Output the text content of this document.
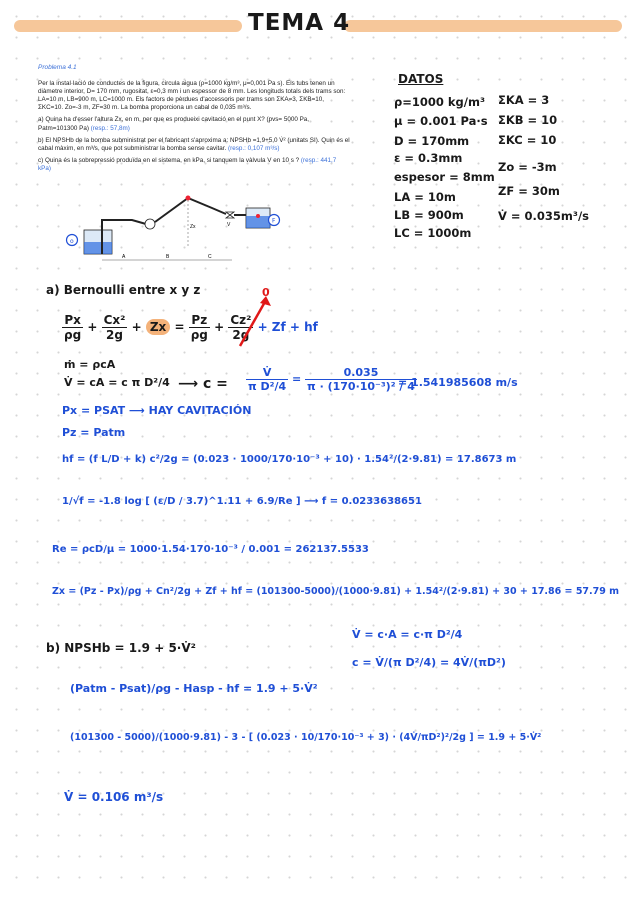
TEMA 4

Problema 4.1

Per la instal·lació de conductes de la figura, circula aigua (ρ=1000 kg/m³, μ=0,001 Pa s). Els tubs tenen un diàmetre interior, D= 170 mm, rugositat, ε=0,3 mm i un espessor de 8 mm. Les longituds totals dels trams son: LA=10 m, LB=900 m, LC=1000 m. Els factors de pèrdues d'accessoris per trams son ΣKA=3, ΣKB=10, ΣKC=10. Zo=-3 m, ZF=30 m. La bomba proporciona un cabal de 0,035 m³/s.

a) Quina ha d'esser l'altura Zx, en m, per que es produeixi cavitació en el punt X? (pvs= 5000 Pa, Patm=101300 Pa) (resp.: 57,8m)

b) El NPSHb de la bomba subministrat per el fabricant s'aproxima a: NPSHb =1,9+5,0 V̇² (unitats SI). Quin és el cabal màxim, en m³/s, que pot subministrar la bomba sense cavitar. (resp.: 0,107 m³/s)

c) Quina és la sobrepressió produïda en el sistema, en kPa, si tanquem la vàlvula V en 10 s ? (resp.: 441,7 kPa)

Zx	V
F
o
A	B	C
DATOS
ρ=1000 kg/m³
μ = 0.001 Pa·s
D = 170mm
ε = 0.3mm
espesor = 8mm
LA = 10m
LB = 900m
LC = 1000m
ΣKA = 3
ΣKB = 10
ΣKC = 10
Zo = -3m
ZF = 30m
V̇ = 0.035m³/s
a) Bernoulli entre x y z
$\frac{Px}{\rho g} + \frac{\text{Cx²}}{2g} + Zx = \frac{Pz}{\rho g} + \frac{\text{Cz²}}{2g} + Zf$ + hf
0
ṁ = ρcA
V̇ = cA = c π D²/4 ⟶ $c = \frac{V̇}{\text{π D²/4}} = \frac{0.035}{\text{π · (170·10⁻³)² / 4}}$
= 1.541985608 m/s
Px = PSAT ⟶ HAY CAVITACIÓN
Pz = Patm
hf = (f L/D + k) c²/2g = (0.023 · 1000/170·10⁻³ + 10) · 1.54²/(2·9.81) = 17.8673 m
1/√f = -1.8 log [ (ε/D / 3.7)^1.11 + 6.9/Re ] ⟶ f = 0.0233638651
Re = ρcD/μ = 1000·1.54·170·10⁻³ / 0.001 = 262137.5533
Zx = (Pz - Px)/ρg + Cn²/2g + Zf + hf = (101300-5000)/(1000·9.81) + 1.54²/(2·9.81) + 30 + 17.86 = 57.79 m
b) NPSHb = 1.9 + 5·V̇²
V̇ = c·A = c·π D²/4
c = V̇/(π D²/4) = 4V̇/(πD²)
(Patm - Psat)/ρg - Hasp - hf = 1.9 + 5·V̇²
(101300 - 5000)/(1000·9.81) - 3 - [ (0.023 · 10/170·10⁻³ + 3) · (4V̇/πD²)²/2g ] = 1.9 + 5·V̇²
V̇ = 0.106 m³/s
